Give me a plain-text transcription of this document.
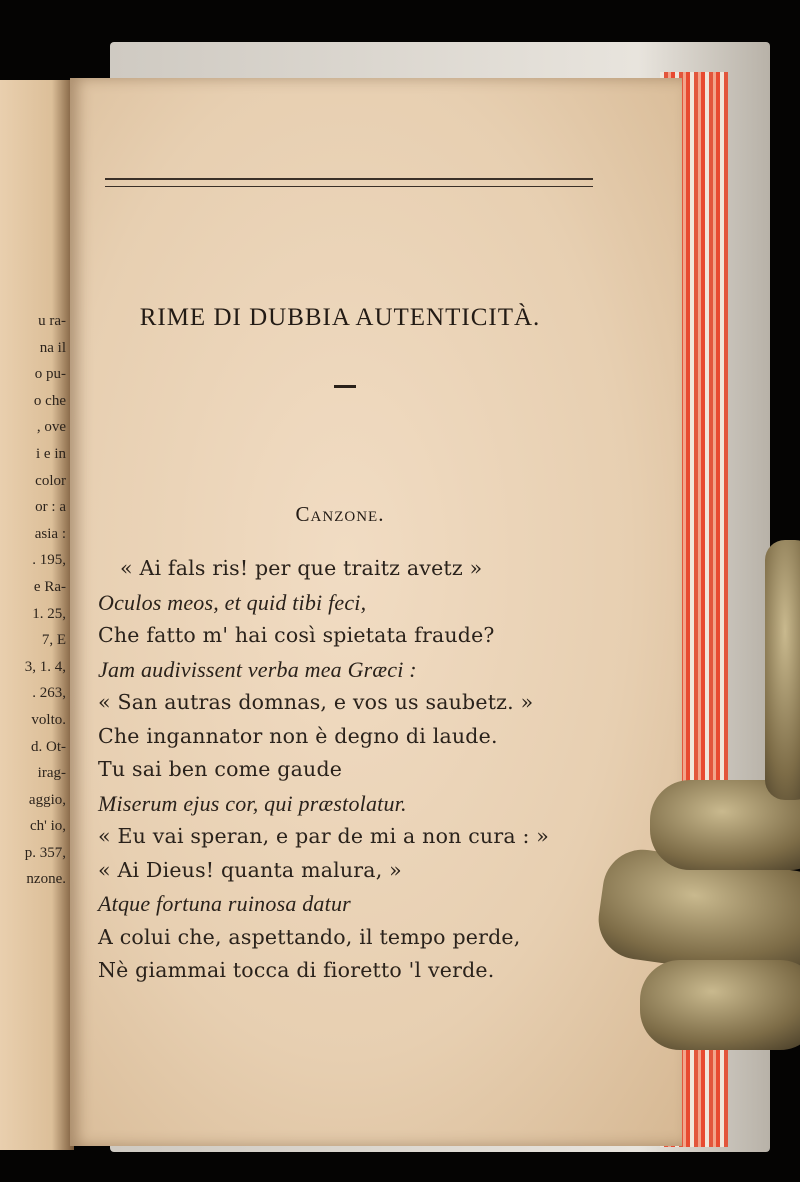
u ra-
na il
o pu-
o che
, ove
i e in
color
or : a
asia :
. 195,
e Ra-
1. 25,
7, E
3, 1. 4,
. 263,
volto.
d. Ot-
irag-
aggio,
ch' io,
p. 357,
nzone.
RIME DI DUBBIA AUTENTICITÀ.
Canzone.
« Ai fals ris! per que traitz avetz »
Oculos meos, et quid tibi feci,
Che fatto m' hai così spietata fraude?
Jam audivissent verba mea Græci :
« San autras domnas, e vos us saubetz. »
Che ingannator non è degno di laude.
Tu sai ben come gaude
Miserum ejus cor, qui præstolatur.
« Eu vai speran, e par de mi a non cura : »
« Ai Dieus! quanta malura, »
Atque fortuna ruinosa datur
A colui che, aspettando, il tempo perde,
Nè giammai tocca di fioretto 'l verde.
